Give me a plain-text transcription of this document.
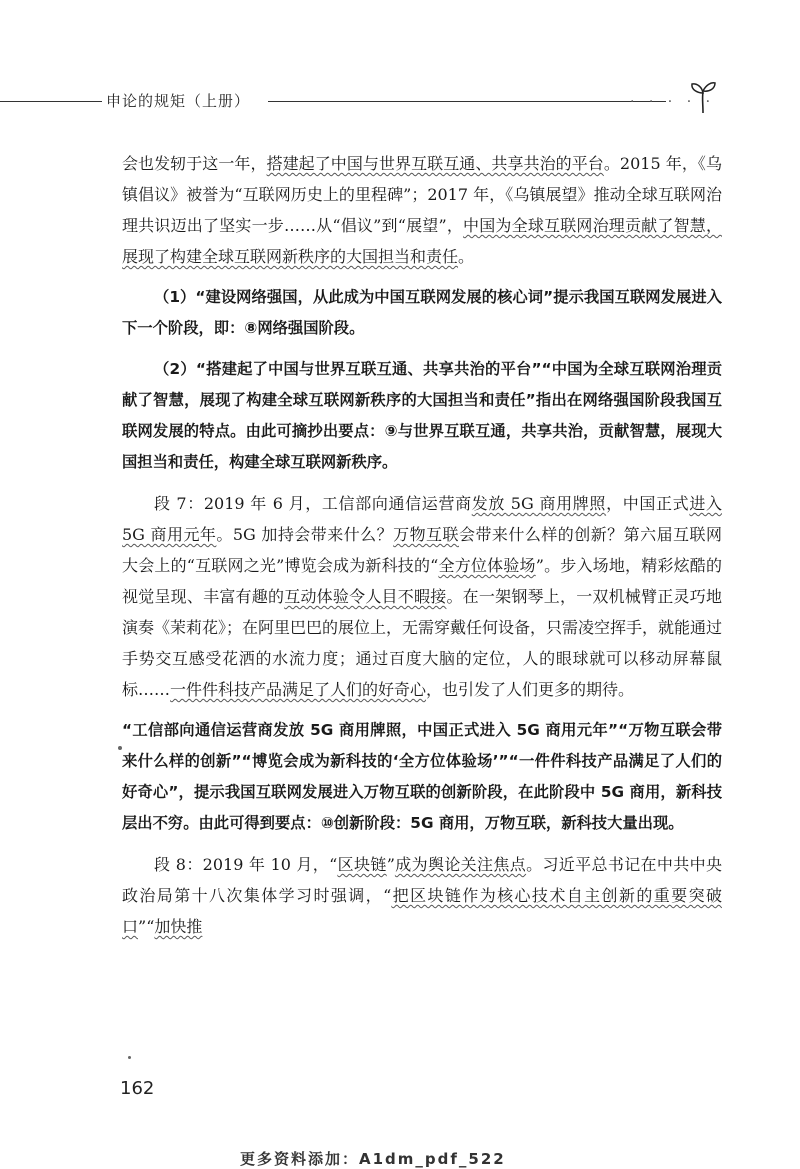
申论的规矩（上册）	· · · · ·

会也发轫于这一年，搭建起了中国与世界互联互通、共享共治的平台。2015 年，《乌镇倡议》被誉为“互联网历史上的里程碑”；2017 年，《乌镇展望》推动全球互联网治理共识迈出了坚实一步……从“倡议”到“展望”，中国为全球互联网治理贡献了智慧，展现了构建全球互联网新秩序的大国担当和责任。

（1）“建设网络强国，从此成为中国互联网发展的核心词”提示我国互联网发展进入下一个阶段，即：⑧网络强国阶段。

（2）“搭建起了中国与世界互联互通、共享共治的平台”“中国为全球互联网治理贡献了智慧，展现了构建全球互联网新秩序的大国担当和责任”指出在网络强国阶段我国互联网发展的特点。由此可摘抄出要点：⑨与世界互联互通，共享共治，贡献智慧，展现大国担当和责任，构建全球互联网新秩序。

段 7：2019 年 6 月，工信部向通信运营商发放 5G 商用牌照，中国正式进入 5G 商用元年。5G 加持会带来什么？万物互联会带来什么样的创新？第六届互联网大会上的“互联网之光”博览会成为新科技的“全方位体验场”。步入场地，精彩炫酷的视觉呈现、丰富有趣的互动体验令人目不暇接。在一架钢琴上，一双机械臂正灵巧地演奏《茉莉花》；在阿里巴巴的展位上，无需穿戴任何设备，只需凌空挥手，就能通过手势交互感受花洒的水流力度；通过百度大脑的定位，人的眼球就可以移动屏幕鼠标……一件件科技产品满足了人们的好奇心，也引发了人们更多的期待。

“工信部向通信运营商发放 5G 商用牌照，中国正式进入 5G 商用元年”“万物互联会带来什么样的创新”“博览会成为新科技的‘全方位体验场’”“一件件科技产品满足了人们的好奇心”，提示我国互联网发展进入万物互联的创新阶段，在此阶段中 5G 商用，新科技层出不穷。由此可得到要点：⑩创新阶段：5G 商用，万物互联，新科技大量出现。

段 8：2019 年 10 月，“区块链”成为舆论关注焦点。习近平总书记在中共中央政治局第十八次集体学习时强调，“把区块链作为核心技术自主创新的重要突破口”“加快推

162
更多资料添加：A1dm_pdf_522
